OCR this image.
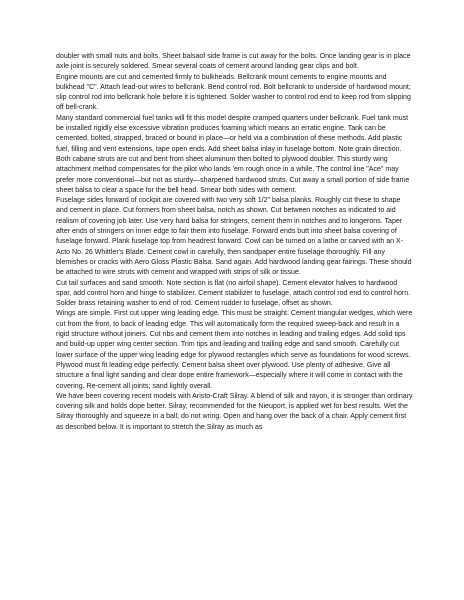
doubler with small nuts and bolts. Sheet balsaof side frame is cut away for the bolts. Once landing gear is in place axle joint is securely soldered. Smear several coats of cement around landing gear clips and bolt.

Engine mounts are cut and cemented firmly to bulkheads. Bellcrank mount cements to engine mounts and bulkhead "C". Attach lead-out wires to bellcrank. Bend control rod. Bolt bellcrank to underside of hardwood mount; slip control rod into bellcrank hole before it is tightened. Solder washer to control rod end to keep rod from slipping off bell-crank.

Many standard commercial fuel tanks will fit this model despite cramped quarters under bellcrank. Fuel tank must be installed rigidly else excessive vibration produces foaming which means an erratic engine. Tank can be cemented, bolted, strapped, braced or bound in place—or held via a combination of these methods. Add plastic fuel, filling and vent extensions, tape open ends. Add sheet balsa inlay in fuselage bottom. Note grain direction.

Both cabane struts are cut and bent from sheet aluminum then bolted to plywood doubler. This sturdy wing attachment method compensates for the pilot who lands 'em rough once in a while. The control line "Ace" may prefer more conventional—but not as sturdy—sharpened hardwood struts. Cut away a small portion of side frame sheet balsa to clear a space for the bell head. Smear both sides with cement.

Fuselage sides forward of cockpit are covered with two very soft 1/2" balsa planks. Roughly cut these to shape and cement in place. Cut formers from sheet balsa, notch as shown. Cut between notches as indicated to aid realism of covering job later. Use very hard balsa for stringers, cement them in notches and to longerons. Taper after ends of stringers on inner edge to fair them into fuselage. Forward ends butt into sheet balsa covering of fuselage forward. Plank fuselage top from headrest forward. Cowl can be turned on a lathe or carved with an X-Acto No. 26 Whittler's Blade. Cement cowl in carefully, then sandpaper entire fuselage thoroughly. Fill any blemishes or cracks with Aero Gloss Plastic Balsa. Sand again. Add hardwood landing gear fairings. These should be attached to wire struts with cement and wrapped with strips of silk or tissue.

Cut tail surfaces and sand smooth. Note section is flat (no airfoil shape). Cement elevator halves to hardwood spar, add control horn and hinge to stabilizer. Cement stabilizer to fuselage, attach control rod end to control horn. Solder brass retaining washer to end of rod. Cement rudder to fuselage, offset as shown.

Wings are simple. First cut upper wing leading edge. This must be straight. Cement triangular wedges, which were cut from the front, to back of leading edge. This will automatically form the required sweep-back and result in a rigid structure without joiners. Cut ribs and cement them into notches in leading and trailing edges. Add solid tips and build-up upper wing center section. Trim tips and leading and trailing edge and sand smooth. Carefully cut lower surface of the upper wing leading edge for plywood rectangles which serve as foundations for wood screws. Plywood must fit leading edge perfectly. Cement balsa sheet over plywood. Use plenty of adhesive. Give all structure a final light sanding and clear dope entire framework—especially where it will come in contact with the covering. Re-cement all joints; sand lightly overall.

We have been covering recent models with Aristo-Craft Silray. A blend of silk and rayon, it is stronger than ordinary covering silk and holds dope better. Silray, recommended for the Nieuport, is applied wet for best results. Wet the Silray thoroughly and squeeze in a ball; do not wring. Open and hang over the back of a chair. Apply cement first as described below. It is important to stretch the Silray as much as
